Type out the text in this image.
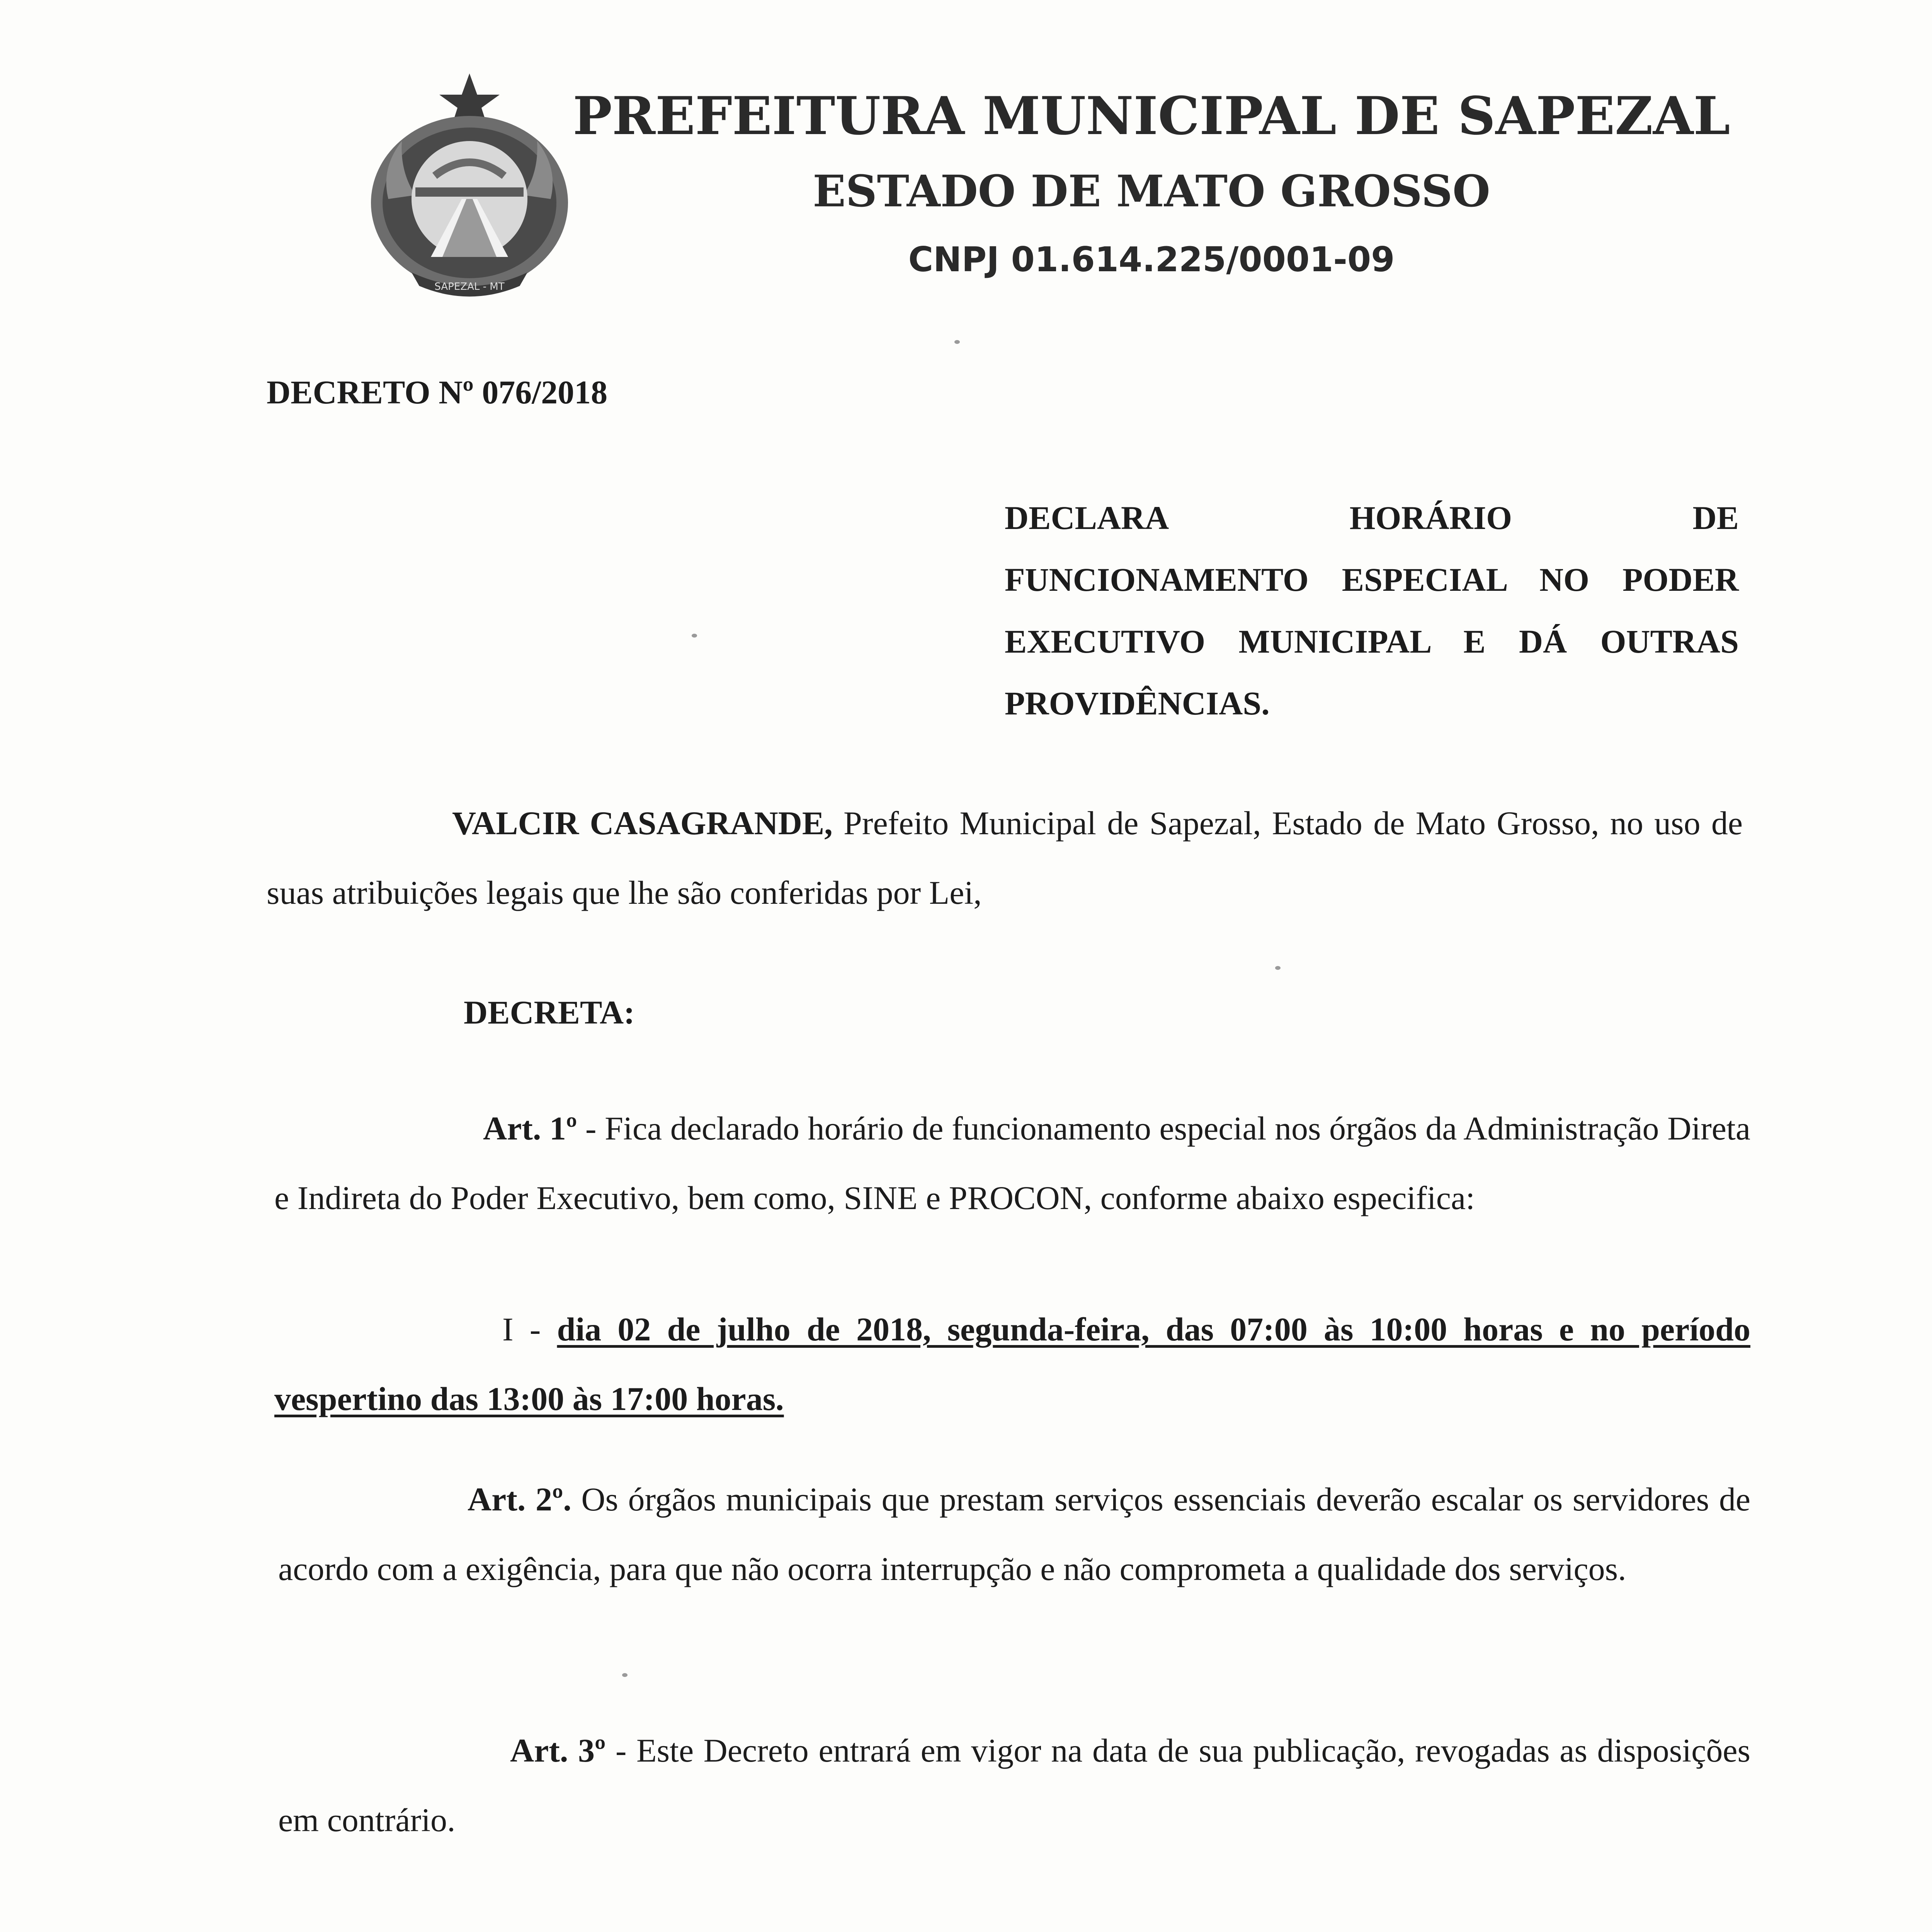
SAPEZAL - MT
PREFEITURA MUNICIPAL DE SAPEZAL
ESTADO DE MATO GROSSO
CNPJ 01.614.225/0001-09
DECRETO Nº 076/2018
DECLARA	HORÁRIO	DE
FUNCIONAMENTO ESPECIAL NO PODER EXECUTIVO MUNICIPAL E DÁ OUTRAS PROVIDÊNCIAS.
VALCIR CASAGRANDE, Prefeito Municipal de Sapezal, Estado de Mato Grosso, no uso de suas atribuições legais que lhe são conferidas por Lei,
DECRETA:
Art. 1º - Fica declarado horário de funcionamento especial nos órgãos da Administração Direta e Indireta do Poder Executivo, bem como, SINE e PROCON, conforme abaixo especifica:
I - dia 02 de julho de 2018, segunda-feira, das 07:00 às 10:00 horas e no período vespertino das 13:00 às 17:00 horas.
Art. 2º. Os órgãos municipais que prestam serviços essenciais deverão escalar os servidores de acordo com a exigência, para que não ocorra interrupção e não comprometa a qualidade dos serviços.
Art. 3º - Este Decreto entrará em vigor na data de sua publicação, revogadas as disposições em contrário.
